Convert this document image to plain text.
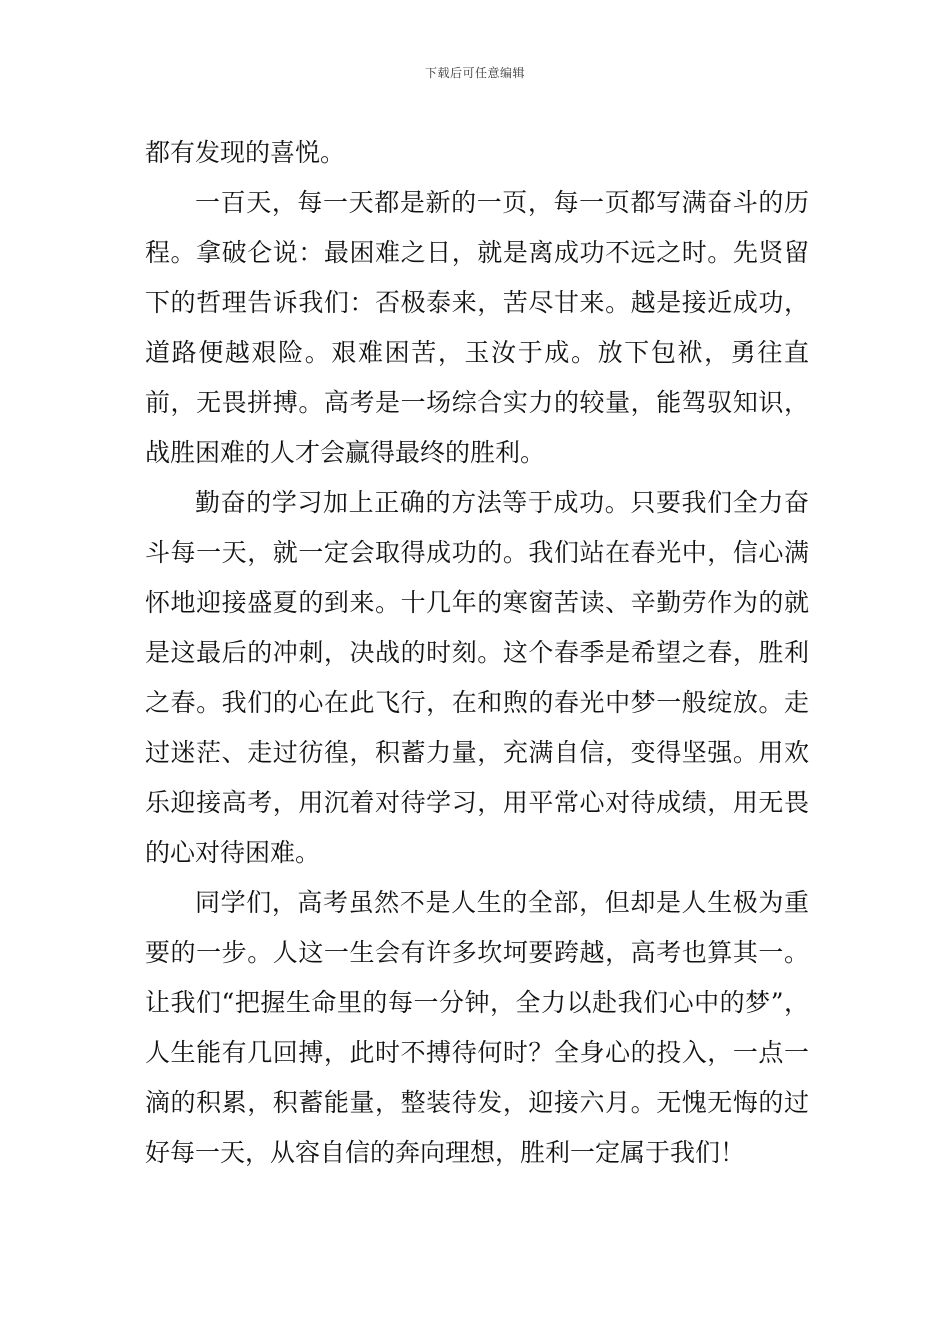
下载后可任意编辑

都有发现的喜悦。

一百天，每一天都是新的一页，每一页都写满奋斗的历程。拿破仑说：最困难之日，就是离成功不远之时。先贤留下的哲理告诉我们：否极泰来，苦尽甘来。越是接近成功，道路便越艰险。艰难困苦，玉汝于成。放下包袱，勇往直前，无畏拼搏。高考是一场综合实力的较量，能驾驭知识，战胜困难的人才会赢得最终的胜利。

勤奋的学习加上正确的方法等于成功。只要我们全力奋斗每一天，就一定会取得成功的。我们站在春光中，信心满怀地迎接盛夏的到来。十几年的寒窗苦读、辛勤劳作为的就是这最后的冲刺，决战的时刻。这个春季是希望之春，胜利之春。我们的心在此飞行，在和煦的春光中梦一般绽放。走过迷茫、走过彷徨，积蓄力量，充满自信，变得坚强。用欢乐迎接高考，用沉着对待学习，用平常心对待成绩，用无畏的心对待困难。

同学们，高考虽然不是人生的全部，但却是人生极为重要的一步。人这一生会有许多坎坷要跨越，高考也算其一。让我们“把握生命里的每一分钟，全力以赴我们心中的梦”，人生能有几回搏，此时不搏待何时？全身心的投入，一点一滴的积累，积蓄能量，整装待发，迎接六月。无愧无悔的过好每一天，从容自信的奔向理想，胜利一定属于我们！
